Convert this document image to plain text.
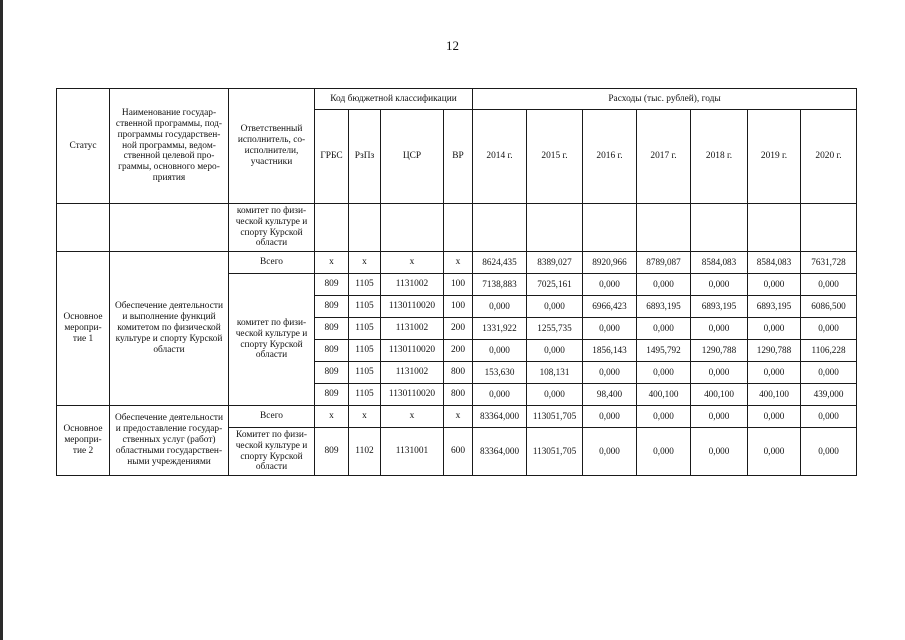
12
Статус	Наименование государ-ственной программы, под-программы государствен-ной программы, ведом-ственной целевой про-граммы, основного меро-приятия	Ответственный исполнитель, со-исполнители, участники	Код бюджетной классификации				Расходы (тыс. рублей), годы						
			ГРБС	РзПз	ЦСР	ВР	2014 г.	2015 г.	2016 г.	2017 г.	2018 г.	2019 г.	2020 г.
		комитет по физи-ческой культуре и спорту Курской области											
Основное меропри-тие 1	Обеспечение деятельности и выполнение функций комитетом по физической культуре и спорту Курской области	Всего	x	x	x	x	8624,435	8389,027	8920,966	8789,087	8584,083	8584,083	7631,728
		комитет по физи-ческой культуре и спорту Курской области	809	1105	1131002	100	7138,883	7025,161	0,000	0,000	0,000	0,000	0,000
			809	1105	1130110020	100	0,000	0,000	6966,423	6893,195	6893,195	6893,195	6086,500
			809	1105	1131002	200	1331,922	1255,735	0,000	0,000	0,000	0,000	0,000
			809	1105	1130110020	200	0,000	0,000	1856,143	1495,792	1290,788	1290,788	1106,228
			809	1105	1131002	800	153,630	108,131	0,000	0,000	0,000	0,000	0,000
			809	1105	1130110020	800	0,000	0,000	98,400	400,100	400,100	400,100	439,000
Основное меропри-тие 2	Обеспечение деятельности и предоставление государ-ственных услуг (работ) областными государствен-ными учреждениями	Всего	x	x	x	x	83364,000	113051,705	0,000	0,000	0,000	0,000	0,000
		Комитет по физи-ческой культуре и спорту Курской области	809	1102	1131001	600	83364,000	113051,705	0,000	0,000	0,000	0,000	0,000
